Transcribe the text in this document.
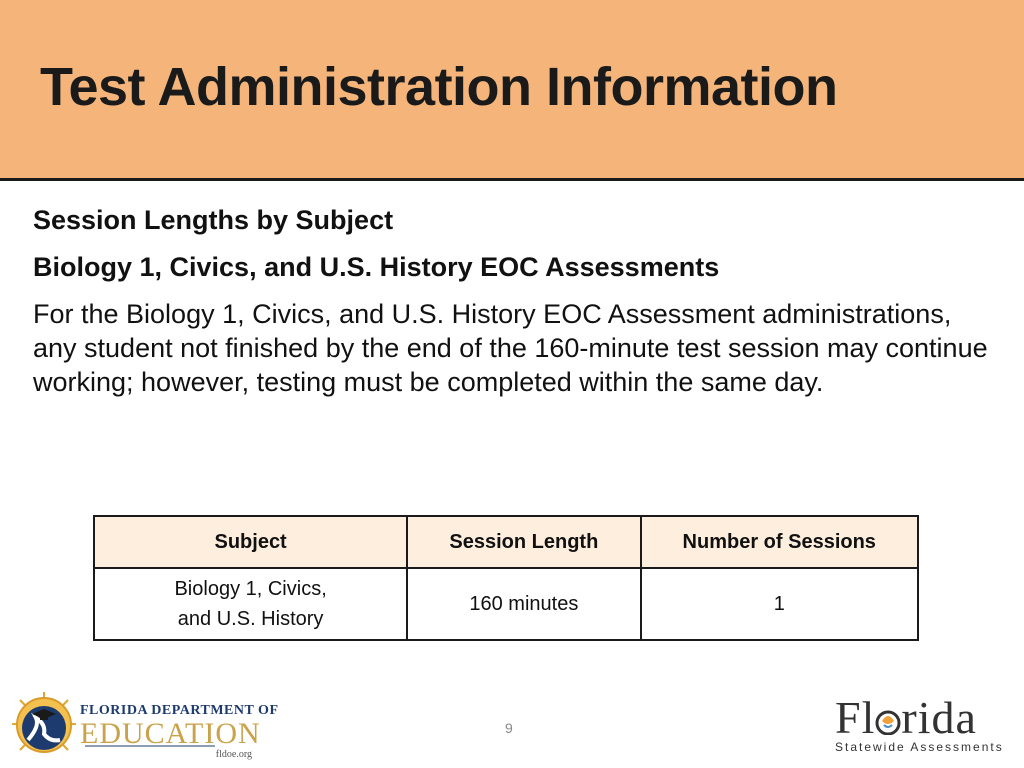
Test Administration Information

Session Lengths by Subject

Biology 1, Civics, and U.S. History EOC Assessments

For the Biology 1, Civics, and U.S. History EOC Assessment administrations, any student not finished by the end of the 160-minute test session may continue working; however, testing must be completed within the same day.

Subject	Session Length	Number of Sessions
Biology 1, Civics,
and U.S. History	160 minutes	1
FLORIDA DEPARTMENT OF
EDUCATION
fldoe.org
9	Fl rida
Statewide Assessments
